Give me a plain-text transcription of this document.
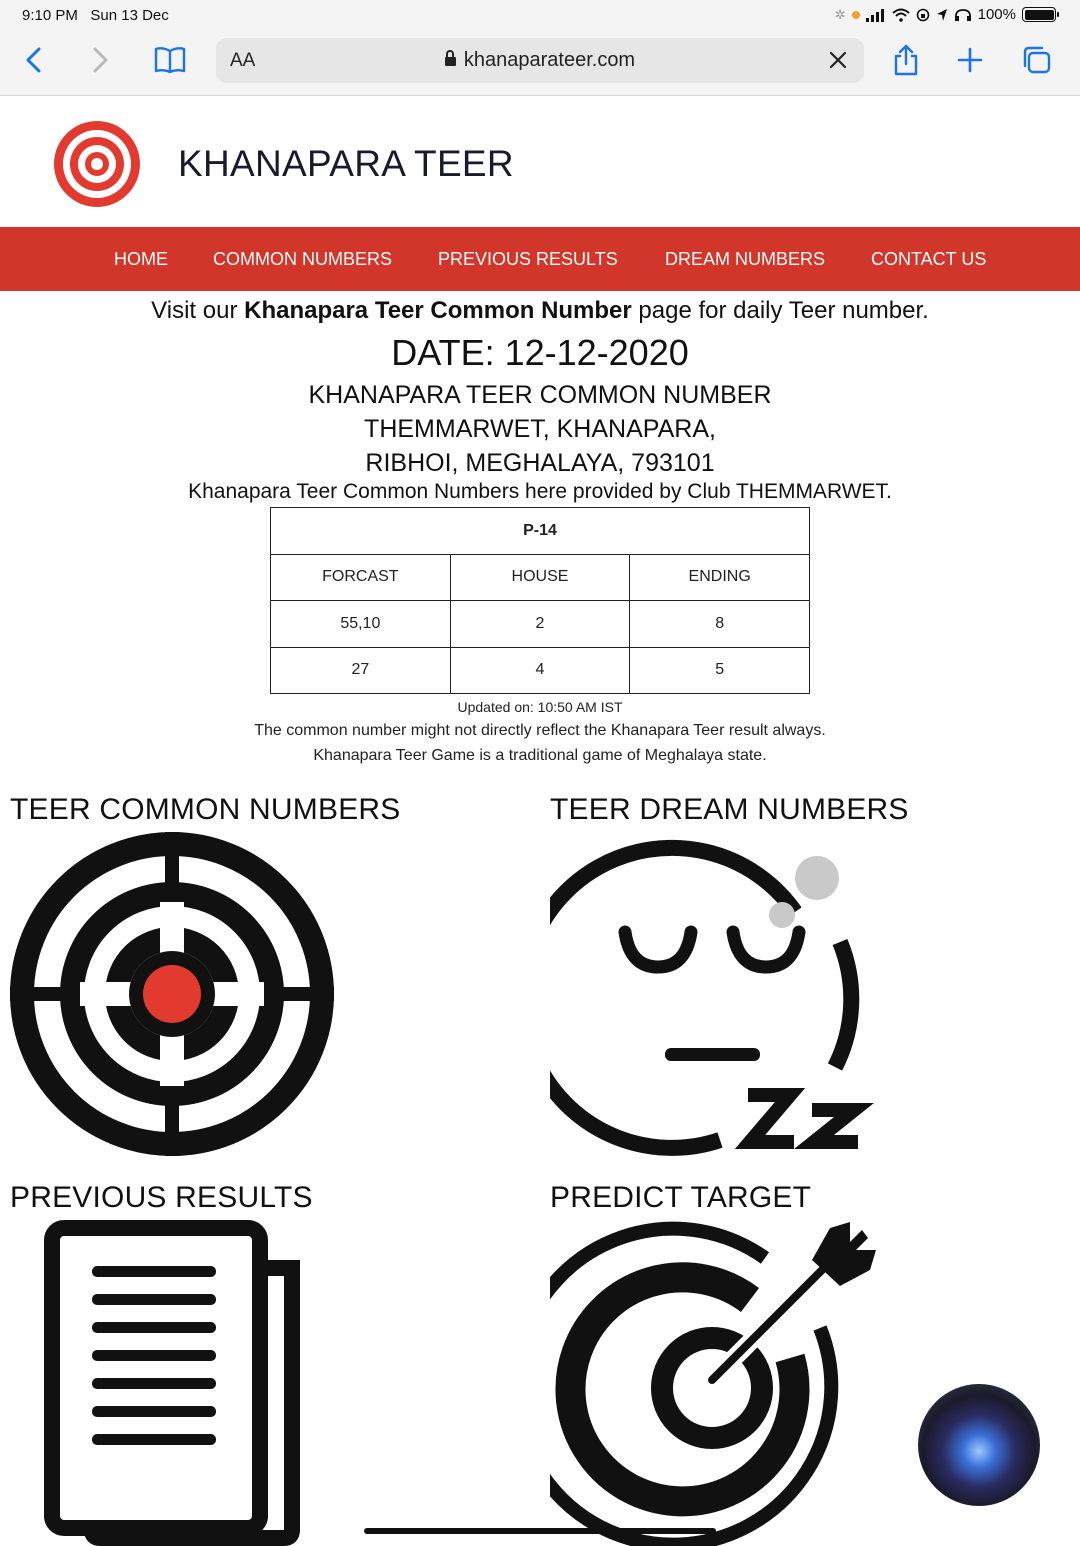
9:10 PM Sun 13 Dec	✲	100%
AA	khanaparateer.com
KHANAPARA TEER
HOME	COMMON NUMBERS	PREVIOUS RESULTS	DREAM NUMBERS	CONTACT US
Visit our Khanapara Teer Common Number page for daily Teer number.
DATE: 12-12-2020
KHANAPARA TEER COMMON NUMBER
THEMMARWET, KHANAPARA,
RIBHOI, MEGHALAYA, 793101
Khanapara Teer Common Numbers here provided by Club THEMMARWET.
P-14		
FORCAST	HOUSE	ENDING
55,10	2	8
27	4	5
Updated on: 10:50 AM IST
The common number might not directly reflect the Khanapara Teer result always.
Khanapara Teer Game is a traditional game of Meghalaya state.
TEER COMMON NUMBERS	TEER DREAM NUMBERS
PREVIOUS RESULTS	PREDICT TARGET
